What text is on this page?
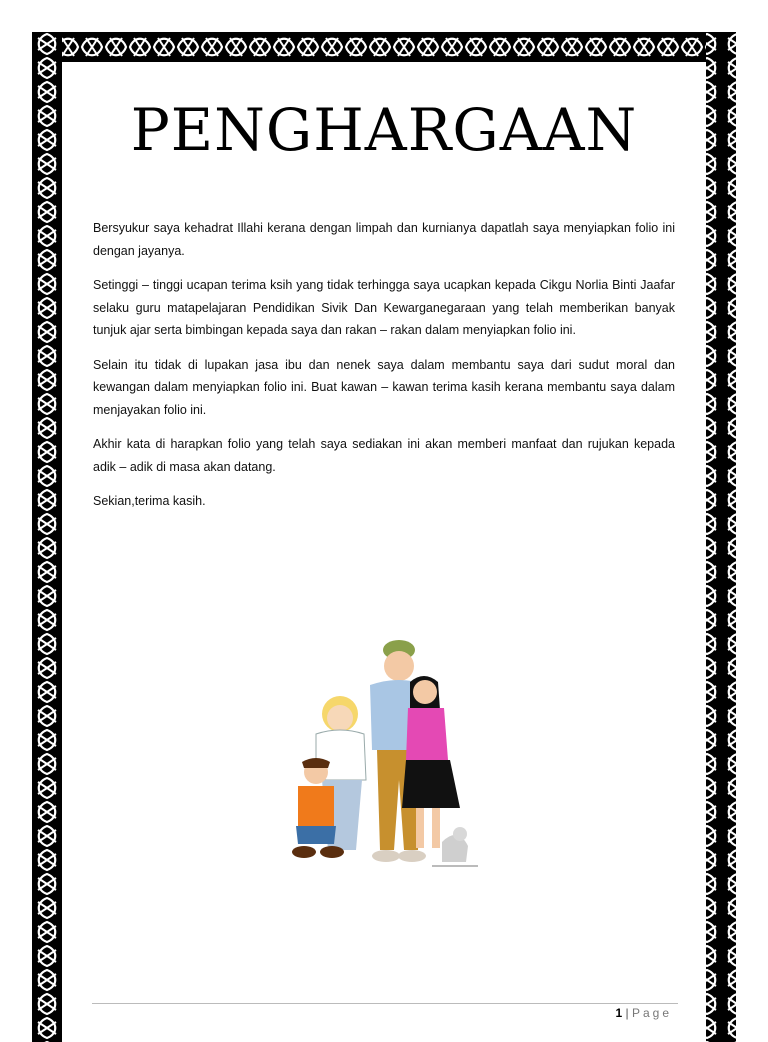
PENGHARGAAN

Bersyukur saya kehadrat Illahi kerana dengan limpah dan kurnianya dapatlah saya menyiapkan folio ini dengan jayanya.

Setinggi – tinggi ucapan terima ksih yang tidak terhingga saya ucapkan kepada Cikgu Norlia Binti Jaafar selaku guru matapelajaran Pendidikan Sivik Dan Kewarganegaraan yang telah memberikan banyak tunjuk ajar serta bimbingan kepada saya dan rakan – rakan dalam menyiapkan folio ini.

Selain itu tidak di lupakan jasa ibu dan nenek saya dalam membantu saya dari sudut moral dan kewangan dalam menyiapkan folio ini. Buat kawan – kawan terima kasih kerana membantu saya dalam menjayakan folio ini.

Akhir kata di harapkan folio yang telah saya sediakan ini akan memberi manfaat dan rujukan kepada adik – adik di masa akan datang.

Sekian,terima kasih.

1 | Page
